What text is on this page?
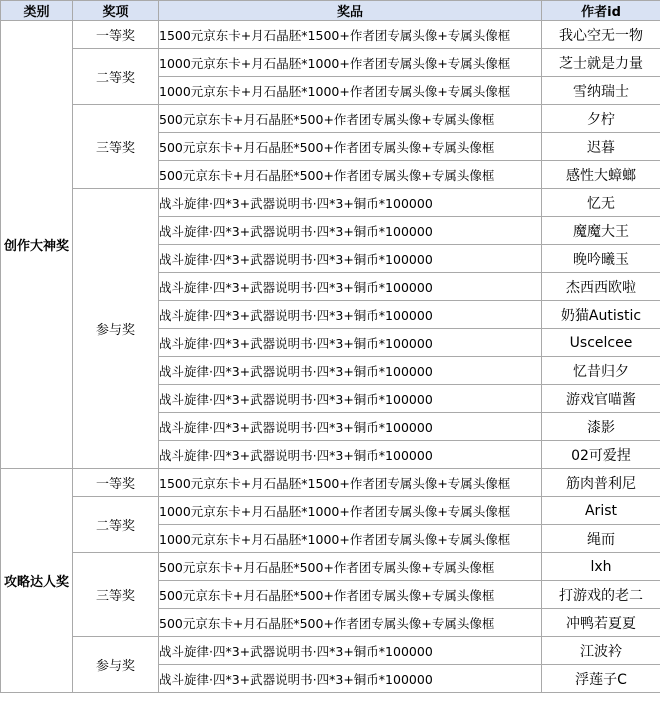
类别	奖项	奖品	作者id
创作大神奖	一等奖	1500元京东卡+月石晶胚*1500+作者团专属头像+专属头像框	我心空无一物
	二等奖	1000元京东卡+月石晶胚*1000+作者团专属头像+专属头像框	芝士就是力量
		1000元京东卡+月石晶胚*1000+作者团专属头像+专属头像框	雪纳瑞士
	三等奖	500元京东卡+月石晶胚*500+作者团专属头像+专属头像框	夕柠
		500元京东卡+月石晶胚*500+作者团专属头像+专属头像框	迟暮
		500元京东卡+月石晶胚*500+作者团专属头像+专属头像框	感性大蟑螂
	参与奖	战斗旋律·四*3+武器说明书·四*3+铜币*100000	忆无
		战斗旋律·四*3+武器说明书·四*3+铜币*100000	魔魔大王
		战斗旋律·四*3+武器说明书·四*3+铜币*100000	晚吟曦玉
		战斗旋律·四*3+武器说明书·四*3+铜币*100000	杰西西欧啦
		战斗旋律·四*3+武器说明书·四*3+铜币*100000	奶猫Autistic
		战斗旋律·四*3+武器说明书·四*3+铜币*100000	Uscelcee
		战斗旋律·四*3+武器说明书·四*3+铜币*100000	忆昔归夕
		战斗旋律·四*3+武器说明书·四*3+铜币*100000	游戏官喵酱
		战斗旋律·四*3+武器说明书·四*3+铜币*100000	漆影
		战斗旋律·四*3+武器说明书·四*3+铜币*100000	02可爱捏
攻略达人奖	一等奖	1500元京东卡+月石晶胚*1500+作者团专属头像+专属头像框	筋肉普利尼
	二等奖	1000元京东卡+月石晶胚*1000+作者团专属头像+专属头像框	Arist
		1000元京东卡+月石晶胚*1000+作者团专属头像+专属头像框	绳而
	三等奖	500元京东卡+月石晶胚*500+作者团专属头像+专属头像框	lxh
		500元京东卡+月石晶胚*500+作者团专属头像+专属头像框	打游戏的老二
		500元京东卡+月石晶胚*500+作者团专属头像+专属头像框	冲鸭若夏夏
	参与奖	战斗旋律·四*3+武器说明书·四*3+铜币*100000	江波衿
		战斗旋律·四*3+武器说明书·四*3+铜币*100000	浮莲子C
